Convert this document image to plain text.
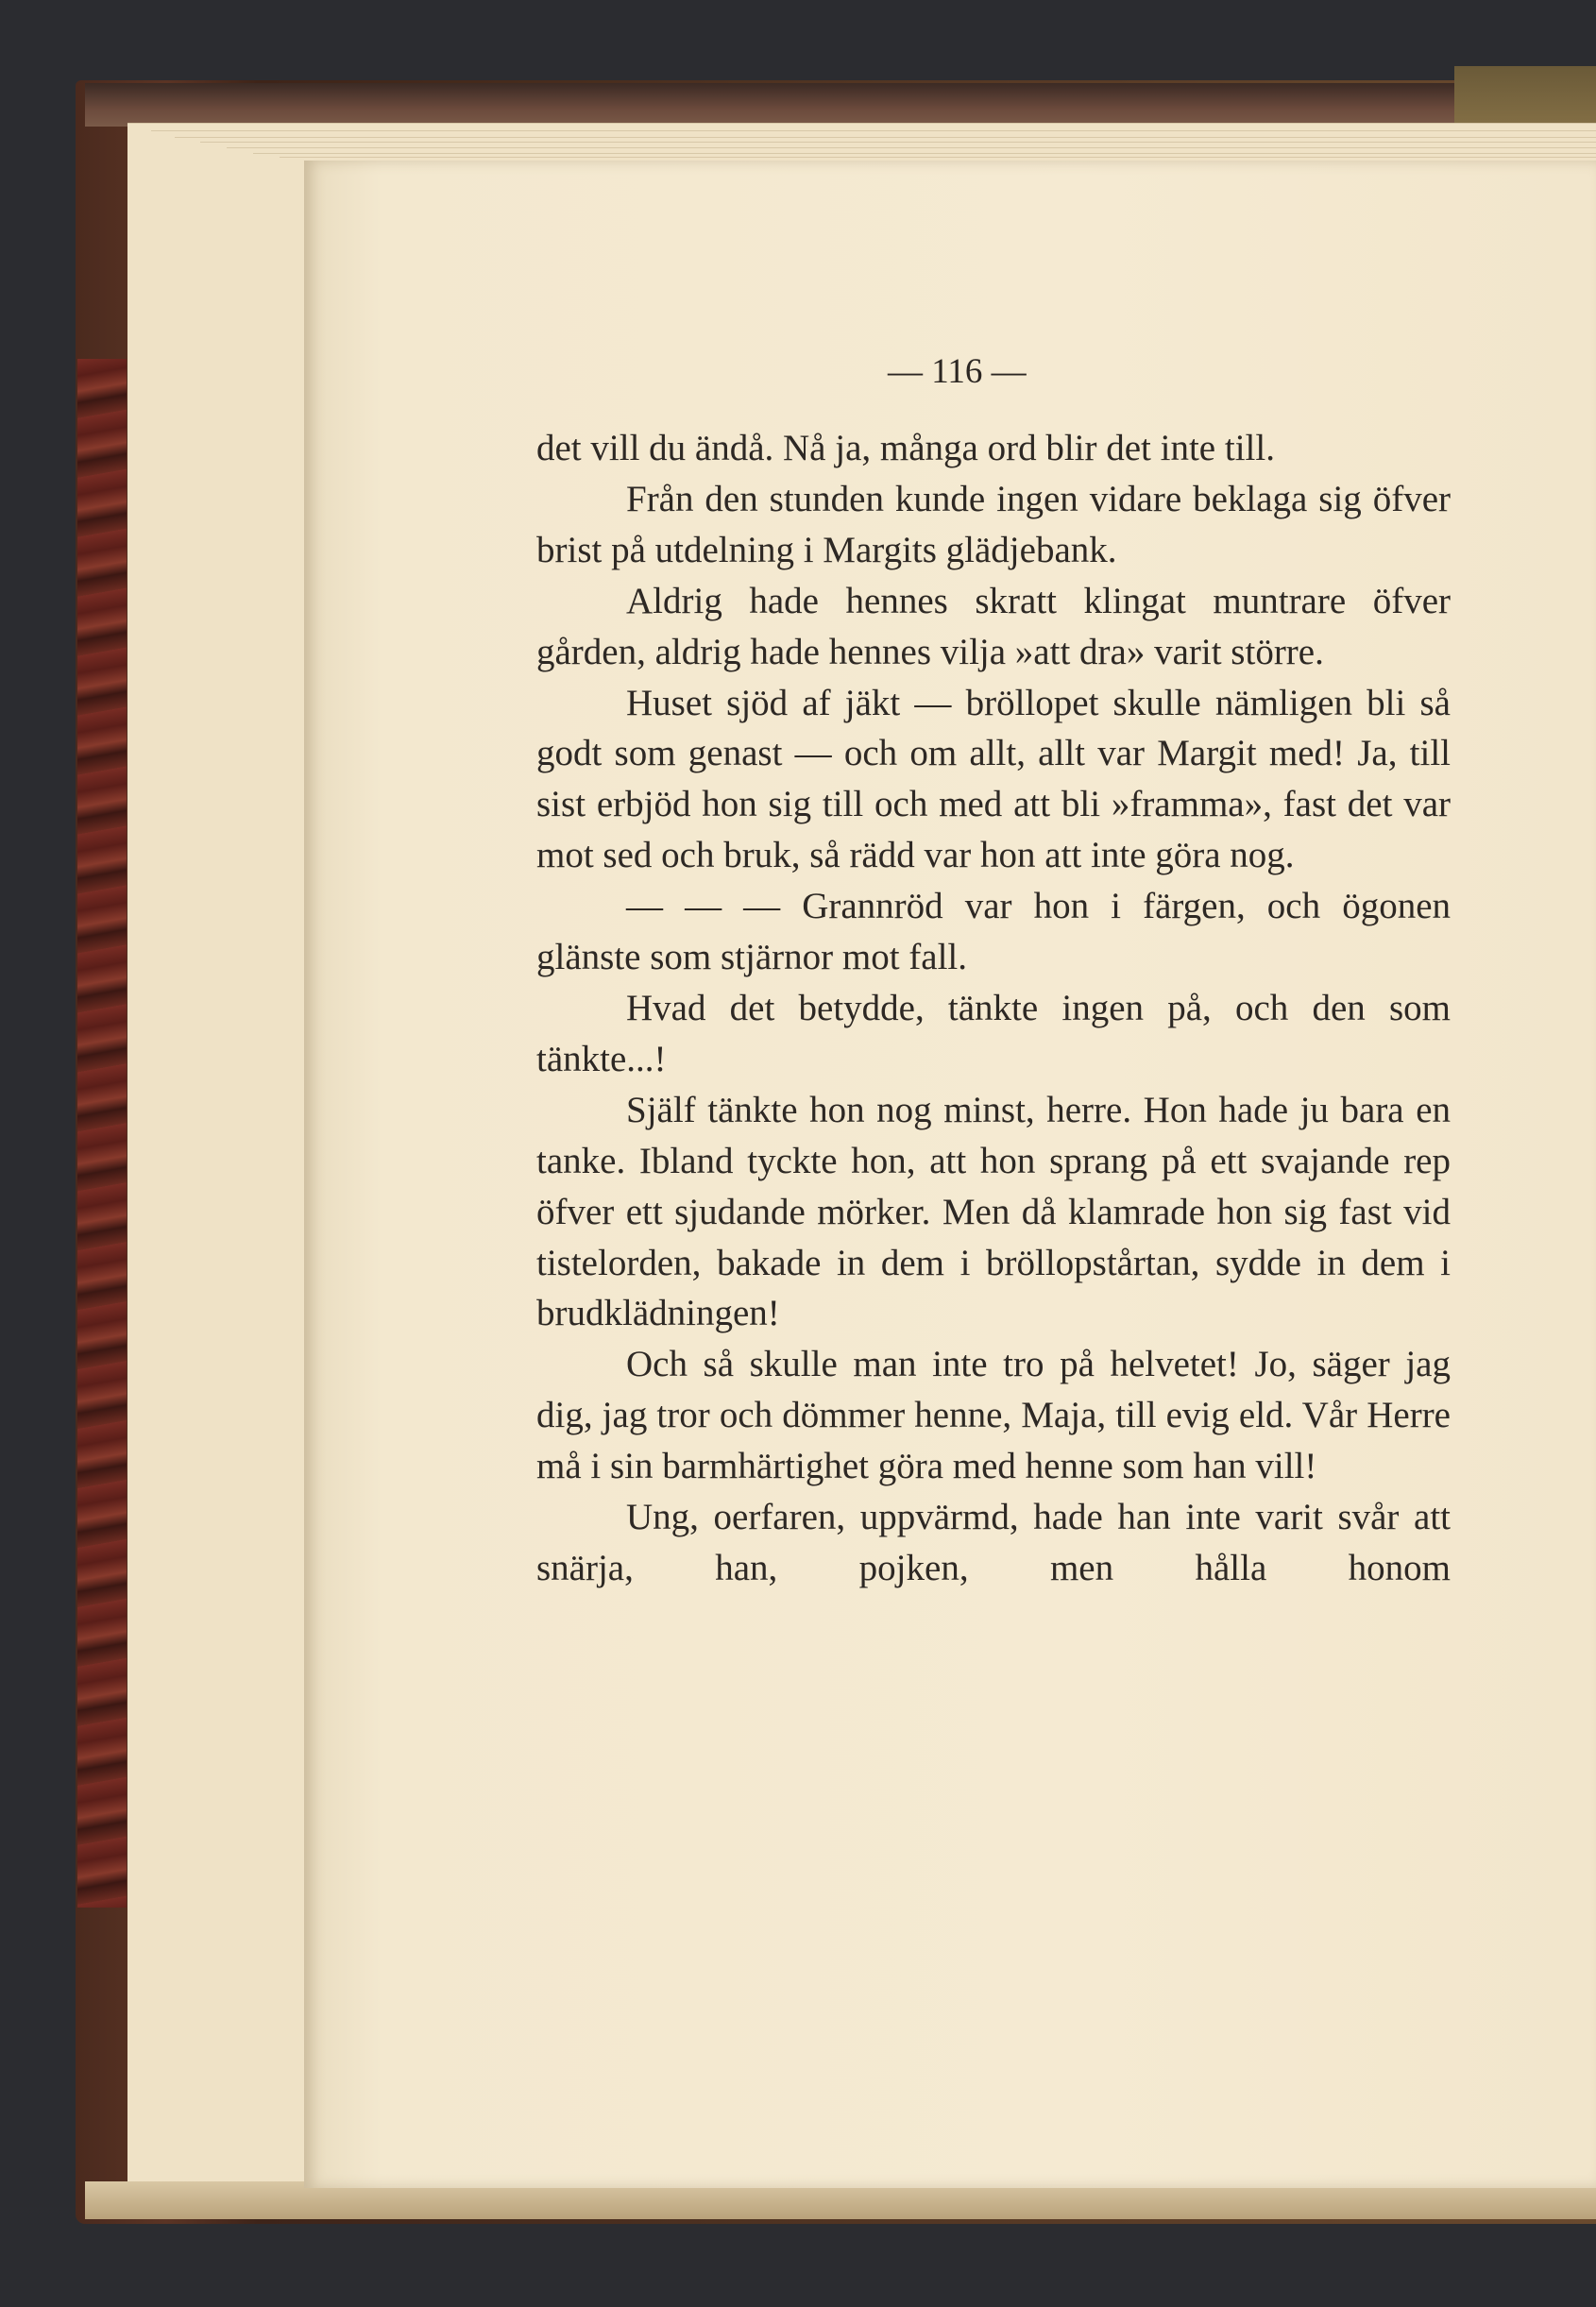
— 116 —

det vill du ändå. Nå ja, många ord blir det inte till.

Från den stunden kunde ingen vidare beklaga sig öfver brist på utdelning i Margits glädjebank.

Aldrig hade hennes skratt klingat muntrare öfver gården, aldrig hade hennes vilja »att dra» varit större.

Huset sjöd af jäkt — bröllopet skulle nämligen bli så godt som genast — och om allt, allt var Margit med! Ja, till sist erbjöd hon sig till och med att bli »framma», fast det var mot sed och bruk, så rädd var hon att inte göra nog.

— — — Grannröd var hon i färgen, och ögonen glänste som stjärnor mot fall.

Hvad det betydde, tänkte ingen på, och den som tänkte...!

Själf tänkte hon nog minst, herre. Hon hade ju bara en tanke. Ibland tyckte hon, att hon sprang på ett svajande rep öfver ett sjudande mörker. Men då klamrade hon sig fast vid tistelorden, bakade in dem i bröllopstårtan, sydde in dem i brudklädningen!

Och så skulle man inte tro på helvetet! Jo, säger jag dig, jag tror och dömmer henne, Maja, till evig eld. Vår Herre må i sin barmhärtighet göra med henne som han vill!

Ung, oerfaren, uppvärmd, hade han inte varit svår att snärja, han, pojken, men hålla honom
